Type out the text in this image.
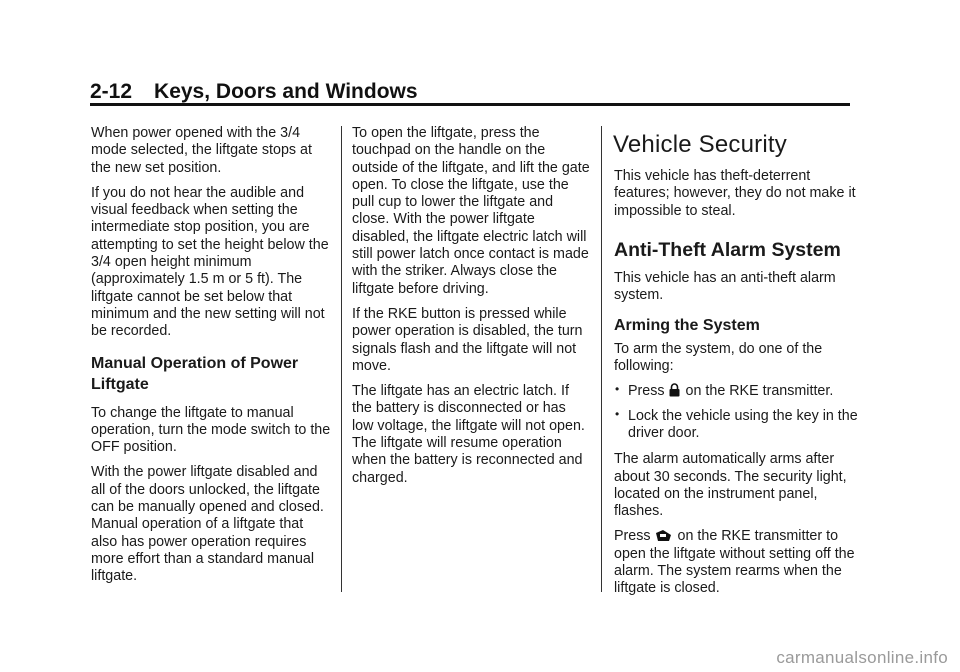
2-12 Keys, Doors and Windows

When power opened with the 3/4 mode selected, the liftgate stops at the new set position.

If you do not hear the audible and visual feedback when setting the intermediate stop position, you are attempting to set the height below the 3/4 open height minimum (approximately 1.5 m or 5 ft). The liftgate cannot be set below that minimum and the new setting will not be recorded.

Manual Operation of Power Liftgate

To change the liftgate to manual operation, turn the mode switch to the OFF position.

With the power liftgate disabled and all of the doors unlocked, the liftgate can be manually opened and closed. Manual operation of a liftgate that also has power operation requires more effort than a standard manual liftgate.

To open the liftgate, press the touchpad on the handle on the outside of the liftgate, and lift the gate open. To close the liftgate, use the pull cup to lower the liftgate and close. With the power liftgate disabled, the liftgate electric latch will still power latch once contact is made with the striker. Always close the liftgate before driving.

If the RKE button is pressed while power operation is disabled, the turn signals flash and the liftgate will not move.

The liftgate has an electric latch. If the battery is disconnected or has low voltage, the liftgate will not open. The liftgate will resume operation when the battery is reconnected and charged.

Vehicle Security

This vehicle has theft-deterrent features; however, they do not make it impossible to steal.

Anti-Theft Alarm System

This vehicle has an anti-theft alarm system.

Arming the System

To arm the system, do one of the following:

• Press on the RKE transmitter.
• Lock the vehicle using the key in the driver door.

The alarm automatically arms after about 30 seconds. The security light, located on the instrument panel, flashes.

Press on the RKE transmitter to open the liftgate without setting off the alarm. The system rearms when the liftgate is closed.

carmanualsonline.info
